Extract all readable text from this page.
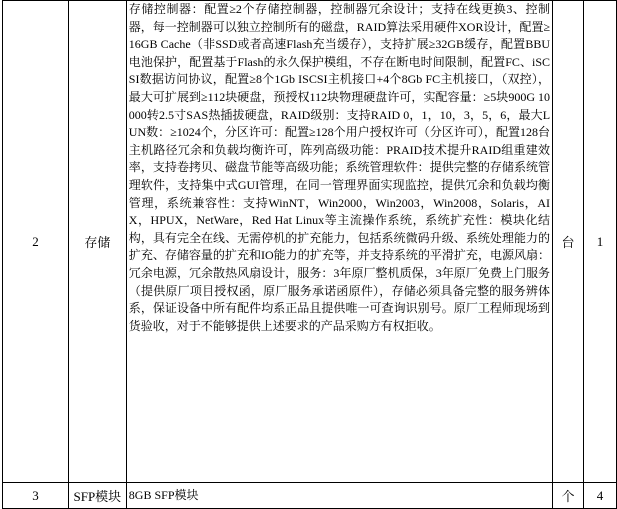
2	存储	存储控制器：配置≥2个存储控制器，控制器冗余设计；支持在线更换3、控制器，每一控制器可以独立控制所有的磁盘，RAID算法采用硬件XOR设计，配置≥16GB Cache（非SSD或者高速Flash充当缓存），支持扩展≥32GB缓存，配置BBU电池保护，配置基于Flash的永久保护模组，不存在断电时间限制，配置FC、iSCSI数据访问协议，配置≥8个1Gb ISCSI主机接口+4个8Gb FC主机接口，（双控），最大可扩展到≥112块硬盘，预授权112块物理硬盘许可，实配容量：≥5块900G 10000转2.5寸SAS热插拔硬盘，RAID级别：支持RAID 0，1，10，3，5，6，最大LUN数：≥1024个，分区许可：配置≥128个用户授权许可（分区许可），配置128台主机路径冗余和负载均衡许可，阵列高级功能：PRAID技术提升RAID组重建效率，支持卷拷贝、磁盘节能等高级功能；系统管理软件：提供完整的存储系统管理软件，支持集中式GUI管理，在同一管理界面实现监控，提供冗余和负载均衡管理，系统兼容性：支持WinNT，Win2000，Win2003，Win2008，Solaris，AIX，HPUX，NetWare，Red Hat Linux等主流操作系统，系统扩充性：模块化结构，具有完全在线、无需停机的扩充能力，包括系统微码升级、系统处理能力的扩充、存储容量的扩充和IO能力的扩充等，并支持系统的平滑扩充，电源风扇：冗余电源，冗余散热风扇设计，服务：3年原厂整机质保，3年原厂免费上门服务（提供原厂项目授权函，原厂服务承诺函原件），存储必须具备完整的服务辨体系，保证设备中所有配件均系正品且提供唯一可查询识别号。原厂工程师现场到货验收，对于不能够提供上述要求的产品采购方有权拒收。	台	1
3	SFP模块	8GB SFP模块	个	4
